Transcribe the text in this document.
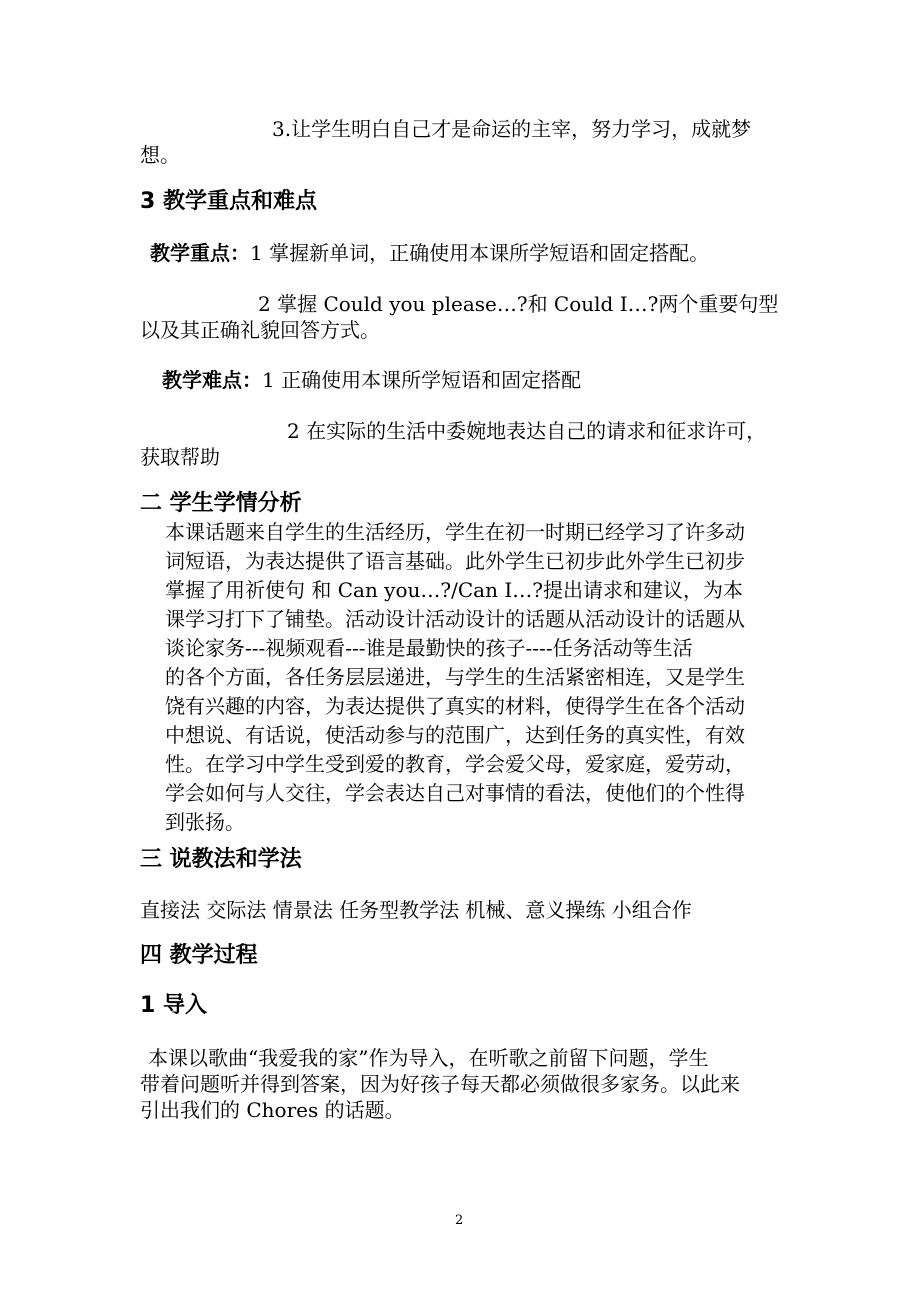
3.让学生明白自己才是命运的主宰，努力学习，成就梦
想。
3 教学重点和难点
教学重点：1 掌握新单词，正确使用本课所学短语和固定搭配。
2 掌握 Could you please…?和 Could I…?两个重要句型
以及其正确礼貌回答方式。
教学难点：1 正确使用本课所学短语和固定搭配
2 在实际的生活中委婉地表达自己的请求和征求许可，
获取帮助
二 学生学情分析
本课话题来自学生的生活经历，学生在初一时期已经学习了许多动
词短语，为表达提供了语言基础。此外学生已初步此外学生已初步
掌握了用祈使句 和 Can you…?/Can I…?提出请求和建议，为本
课学习打下了铺垫。活动设计活动设计的话题从活动设计的话题从
谈论家务---视频观看---谁是最勤快的孩子----任务活动等生活
的各个方面，各任务层层递进，与学生的生活紧密相连，又是学生
饶有兴趣的内容，为表达提供了真实的材料，使得学生在各个活动
中想说、有话说，使活动参与的范围广，达到任务的真实性，有效
性。在学习中学生受到爱的教育，学会爱父母，爱家庭，爱劳动，
学会如何与人交往，学会表达自己对事情的看法，使他们的个性得
到张扬。
三 说教法和学法
直接法 交际法 情景法 任务型教学法 机械、意义操练 小组合作
四 教学过程
1 导入
本课以歌曲“我爱我的家”作为导入，在听歌之前留下问题，学生
带着问题听并得到答案，因为好孩子每天都必须做很多家务。以此来
引出我们的 Chores 的话题。
2
